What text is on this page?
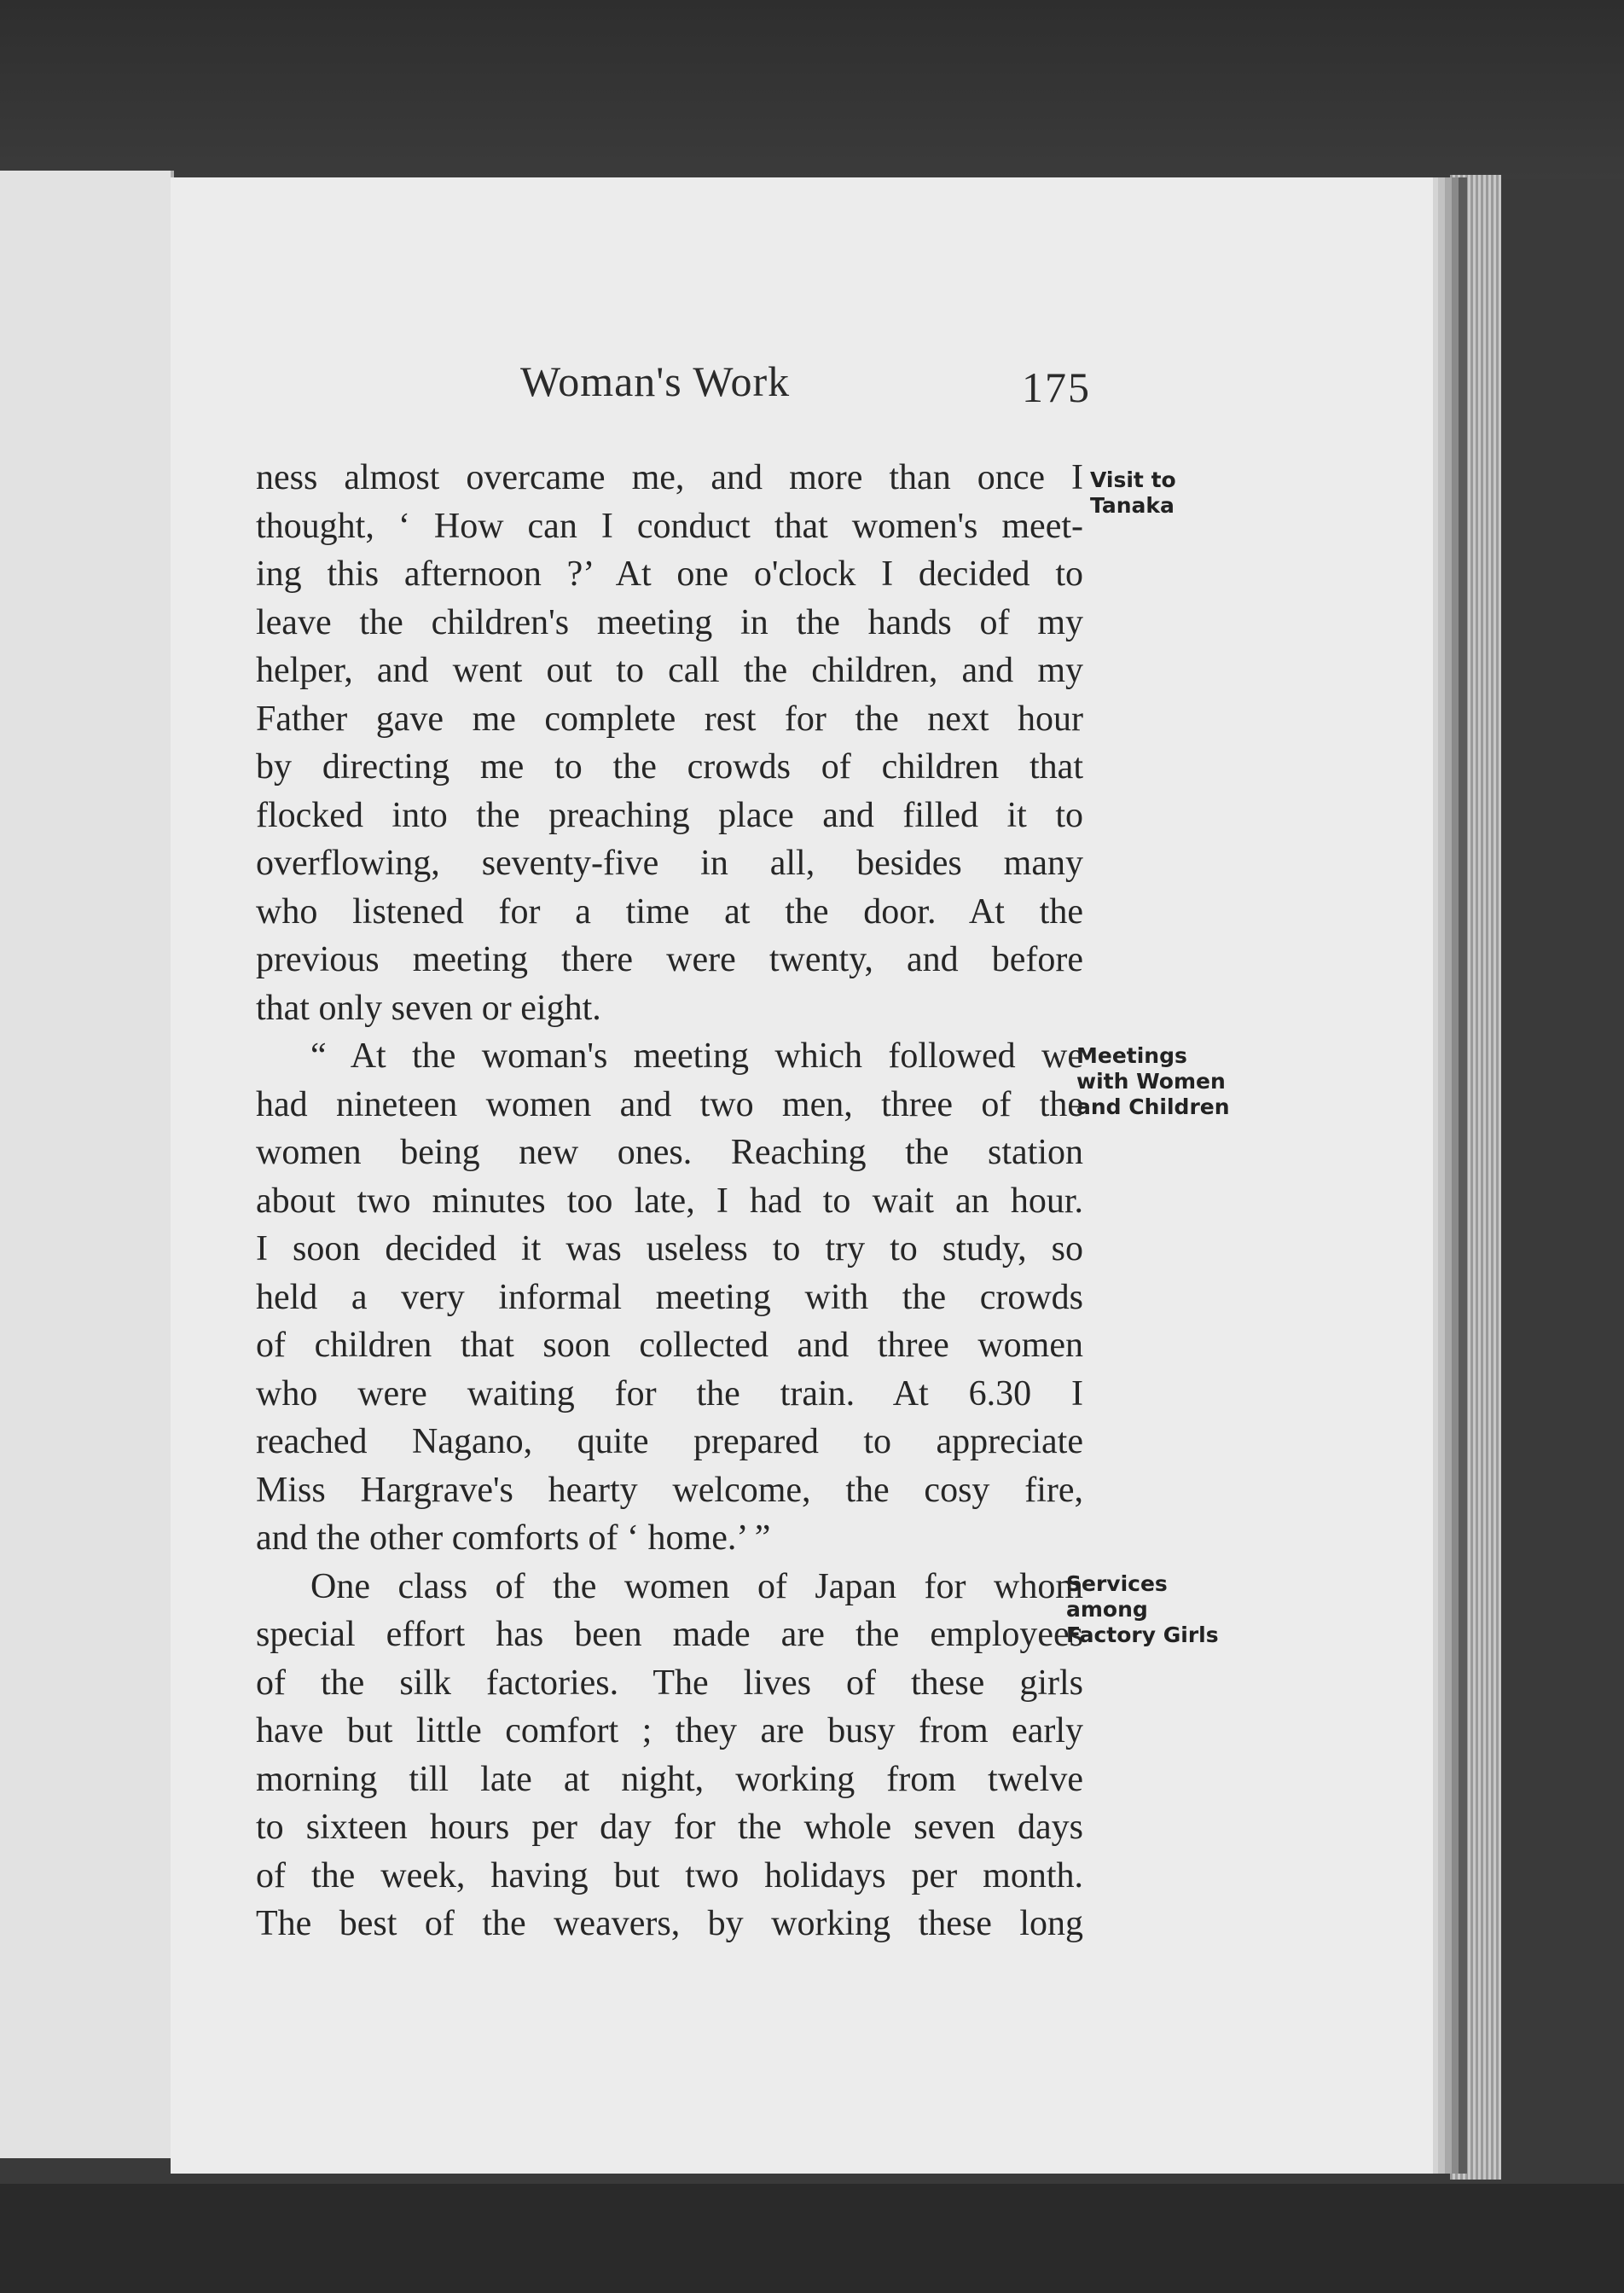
Woman's Work	175
ness almost overcame me, and more than once I
thought, ‘ How can I conduct that women's meet-
ing this afternoon ?’ At one o'clock I decided to
leave the children's meeting in the hands of my
helper, and went out to call the children, and my
Father gave me complete rest for the next hour
by directing me to the crowds of children that
flocked into the preaching place and filled it to
overflowing, seventy-five in all, besides many
who listened for a time at the door. At the
previous meeting there were twenty, and before
that only seven or eight.
“ At the woman's meeting which followed we
had nineteen women and two men, three of the
women being new ones. Reaching the station
about two minutes too late, I had to wait an hour.
I soon decided it was useless to try to study, so
held a very informal meeting with the crowds
of children that soon collected and three women
who were waiting for the train. At 6.30 I
reached Nagano, quite prepared to appreciate
Miss Hargrave's hearty welcome, the cosy fire,
and the other comforts of ‘ home.’ ”
One class of the women of Japan for whom
special effort has been made are the employees
of the silk factories. The lives of these girls
have but little comfort ; they are busy from early
morning till late at night, working from twelve
to sixteen hours per day for the whole seven days
of the week, having but two holidays per month.
The best of the weavers, by working these long
Visit to
Tanaka
Meetings
with Women
and Children
Services
among
Factory Girls
